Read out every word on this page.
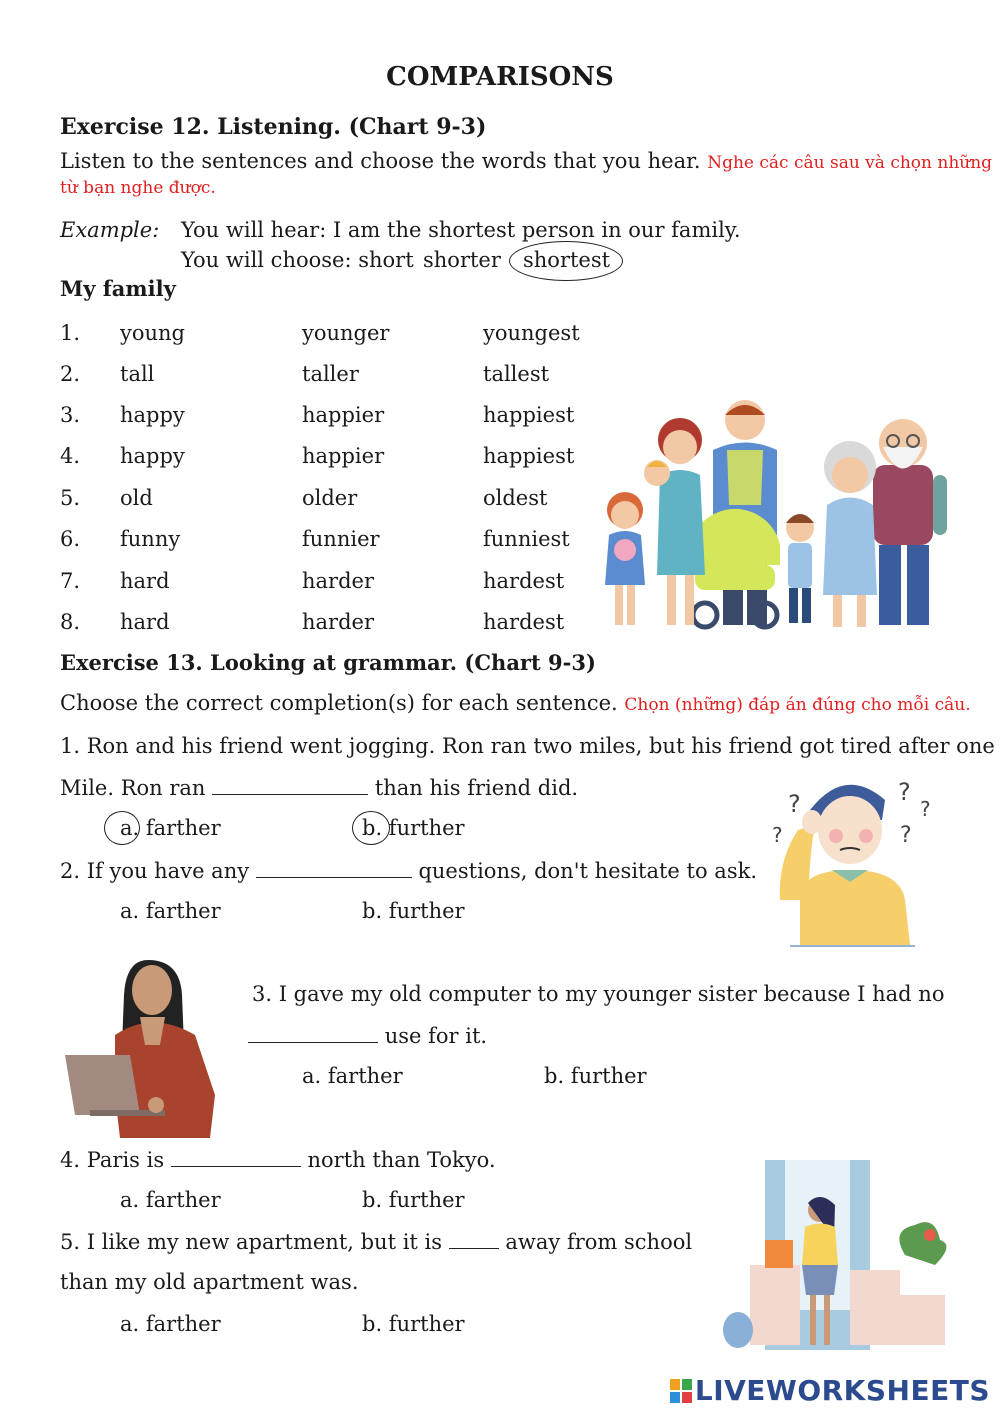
COMPARISONS
Exercise 12. Listening. (Chart 9-3)
Listen to the sentences and choose the words that you hear. Nghe các câu sau và chọn những
từ bạn nghe được.
Example: You will hear: I am the shortest person in our family.
You will choose: short shorter shortest
My family
1. young	younger	youngest
2. tall	taller	tallest
3. happy	happier	happiest
4. happy	happier	happiest
5. old	older	oldest
6. funny	funnier	funniest
7. hard	harder	hardest
8. hard	harder	hardest
Exercise 13. Looking at grammar. (Chart 9-3)
Choose the correct completion(s) for each sentence. Chọn (những) đáp án đúng cho mỗi câu.
1. Ron and his friend went jogging. Ron ran two miles, but his friend got tired after one
Mile. Ron ran	than his friend did.
a. farther	b. further
2. If you have any	questions, don't hesitate to ask.
a. farther	b. further
?
?
?
?
?
3. I gave my old computer to my younger sister because I had no
use for it.
a. farther	b. further
4. Paris is	north than Tokyo.
a. farther	b. further
5. I like my new apartment, but it is	away from school
than my old apartment was.
a. farther	b. further
LIVEWORKSHEETS
